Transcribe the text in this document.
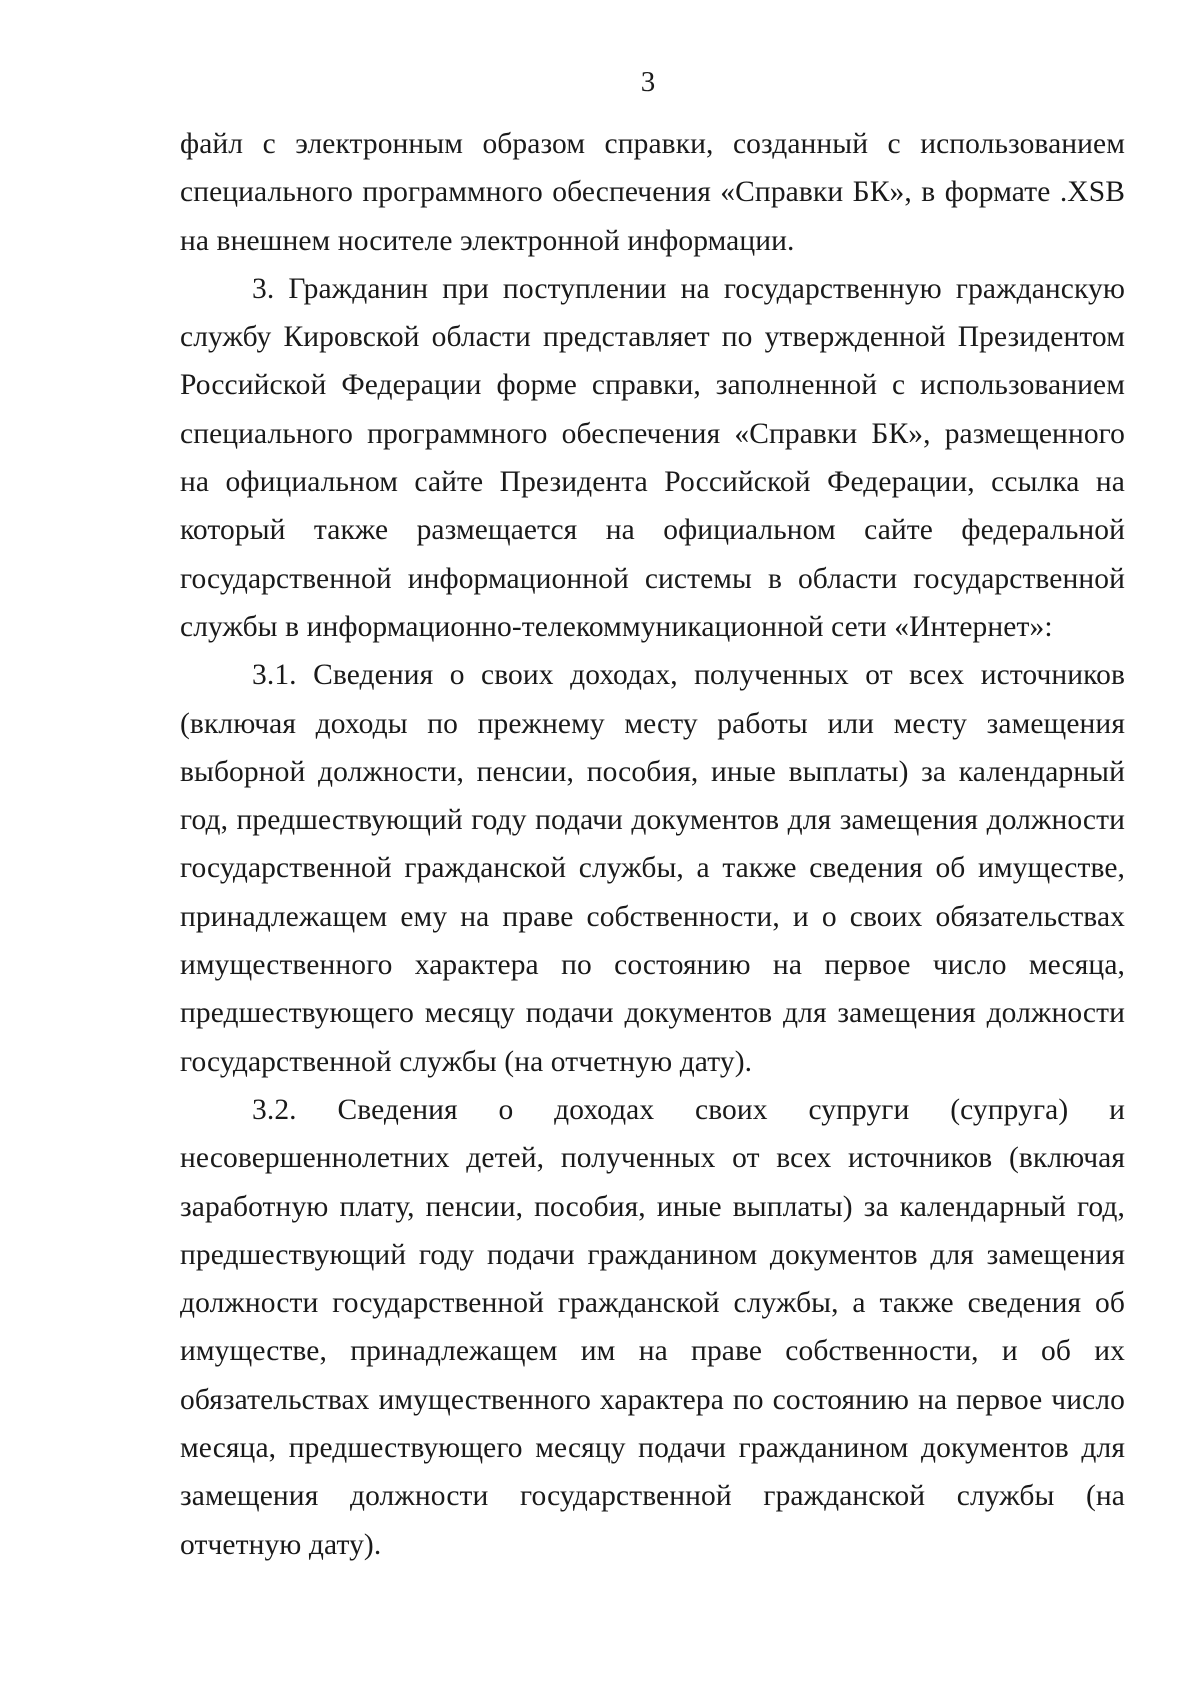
3

файл с электронным образом справки, созданный с использованием специального программного обеспечения «Справки БК», в формате .XSB на внешнем носителе электронной информации.

3. Гражданин при поступлении на государственную гражданскую службу Кировской области представляет по утвержденной Президентом Российской Федерации форме справки, заполненной с использованием специального программного обеспечения «Справки БК», размещенного на официальном сайте Президента Российской Федерации, ссылка на который также размещается на официальном сайте федеральной государственной информационной системы в области государственной службы в информационно-телекоммуникационной сети «Интернет»:

3.1. Сведения о своих доходах, полученных от всех источников (включая доходы по прежнему месту работы или месту замещения выборной должности, пенсии, пособия, иные выплаты) за календарный год, предшествующий году подачи документов для замещения должности государственной гражданской службы, а также сведения об имуществе, принадлежащем ему на праве собственности, и о своих обязательствах имущественного характера по состоянию на первое число месяца, предшествующего месяцу подачи документов для замещения должности государственной службы (на отчетную дату).

3.2. Сведения о доходах своих супруги (супруга) и несовершеннолетних детей, полученных от всех источников (включая заработную плату, пенсии, пособия, иные выплаты) за календарный год, предшествующий году подачи гражданином документов для замещения должности государственной гражданской службы, а также сведения об имуществе, принадлежащем им на праве собственности, и об их обязательствах имущественного характера по состоянию на первое число месяца, предшествующего месяцу подачи гражданином документов для замещения должности государственной гражданской службы (на отчетную дату).
